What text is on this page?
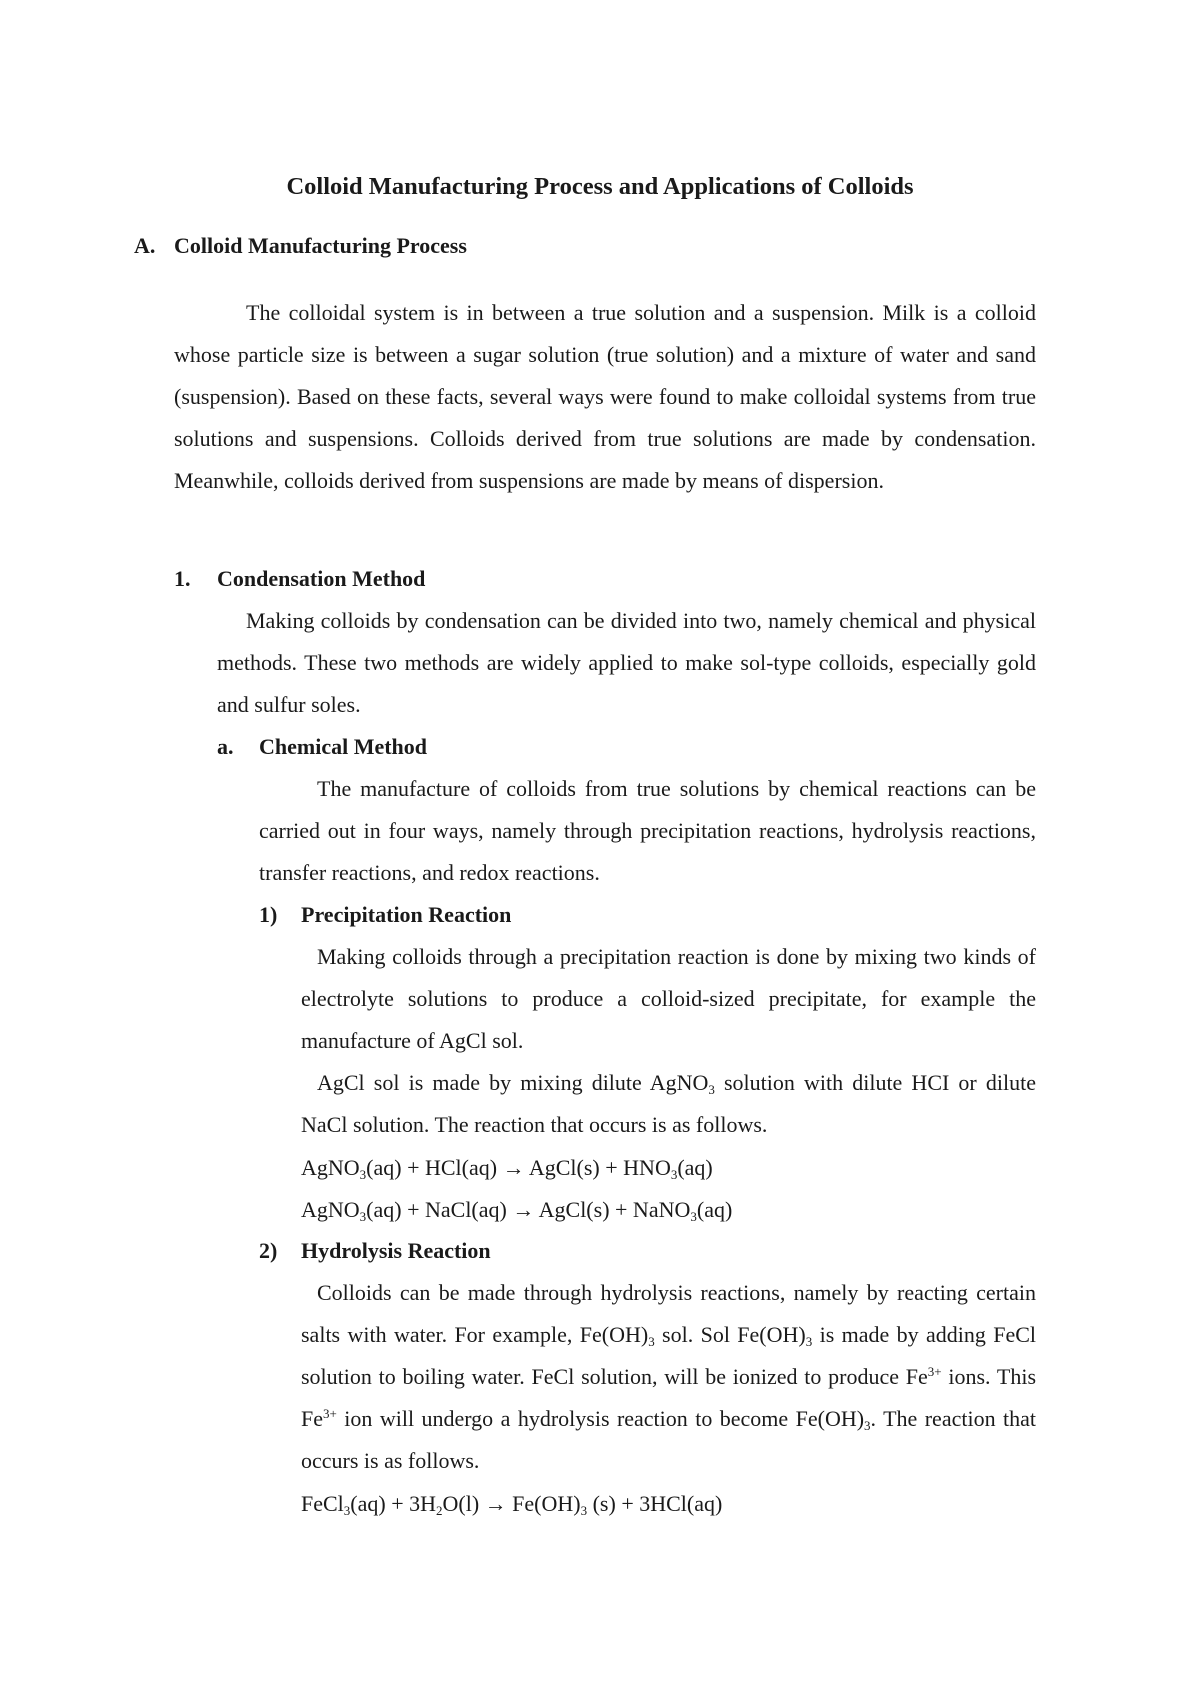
Colloid Manufacturing Process and Applications of Colloids
A. Colloid Manufacturing Process

The colloidal system is in between a true solution and a suspension. Milk is a colloid whose particle size is between a sugar solution (true solution) and a mixture of water and sand (suspension). Based on these facts, several ways were found to make colloidal systems from true solutions and suspensions. Colloids derived from true solutions are made by condensation. Meanwhile, colloids derived from suspensions are made by means of dispersion.

1. Condensation Method

Making colloids by condensation can be divided into two, namely chemical and physical methods. These two methods are widely applied to make sol-type colloids, especially gold and sulfur soles.

a. Chemical Method

The manufacture of colloids from true solutions by chemical reactions can be carried out in four ways, namely through precipitation reactions, hydrolysis reactions, transfer reactions, and redox reactions.

1) Precipitation Reaction

Making colloids through a precipitation reaction is done by mixing two kinds of electrolyte solutions to produce a colloid-sized precipitate, for example the manufacture of AgCl sol.

AgCl sol is made by mixing dilute AgNO$_3$ solution with dilute HCI or dilute NaCl solution. The reaction that occurs is as follows.

AgNO$_3$(aq) + HCl(aq) → AgCl(s) + $HNO_3(aq)$
AgNO$_3$(aq) + NaCl(aq) → AgCl(s) + NaNO$_3$(aq)
2) Hydrolysis Reaction

Colloids can be made through hydrolysis reactions, namely by reacting certain salts with water. For example, $Fe(OH)_3$ sol. Sol $Fe(OH)_3$ is made by adding FeCl solution to boiling water. FeCl solution, will be ionized to produce $Fe^{3+}$ ions. This $Fe^{3+}$ ion will undergo a hydrolysis reaction to become $Fe(OH)_3$. The reaction that occurs is as follows.

FeCl$_3$(aq) + $3H_2O(l) \to Fe(OH)_3$ (s) + 3HCl(aq)
